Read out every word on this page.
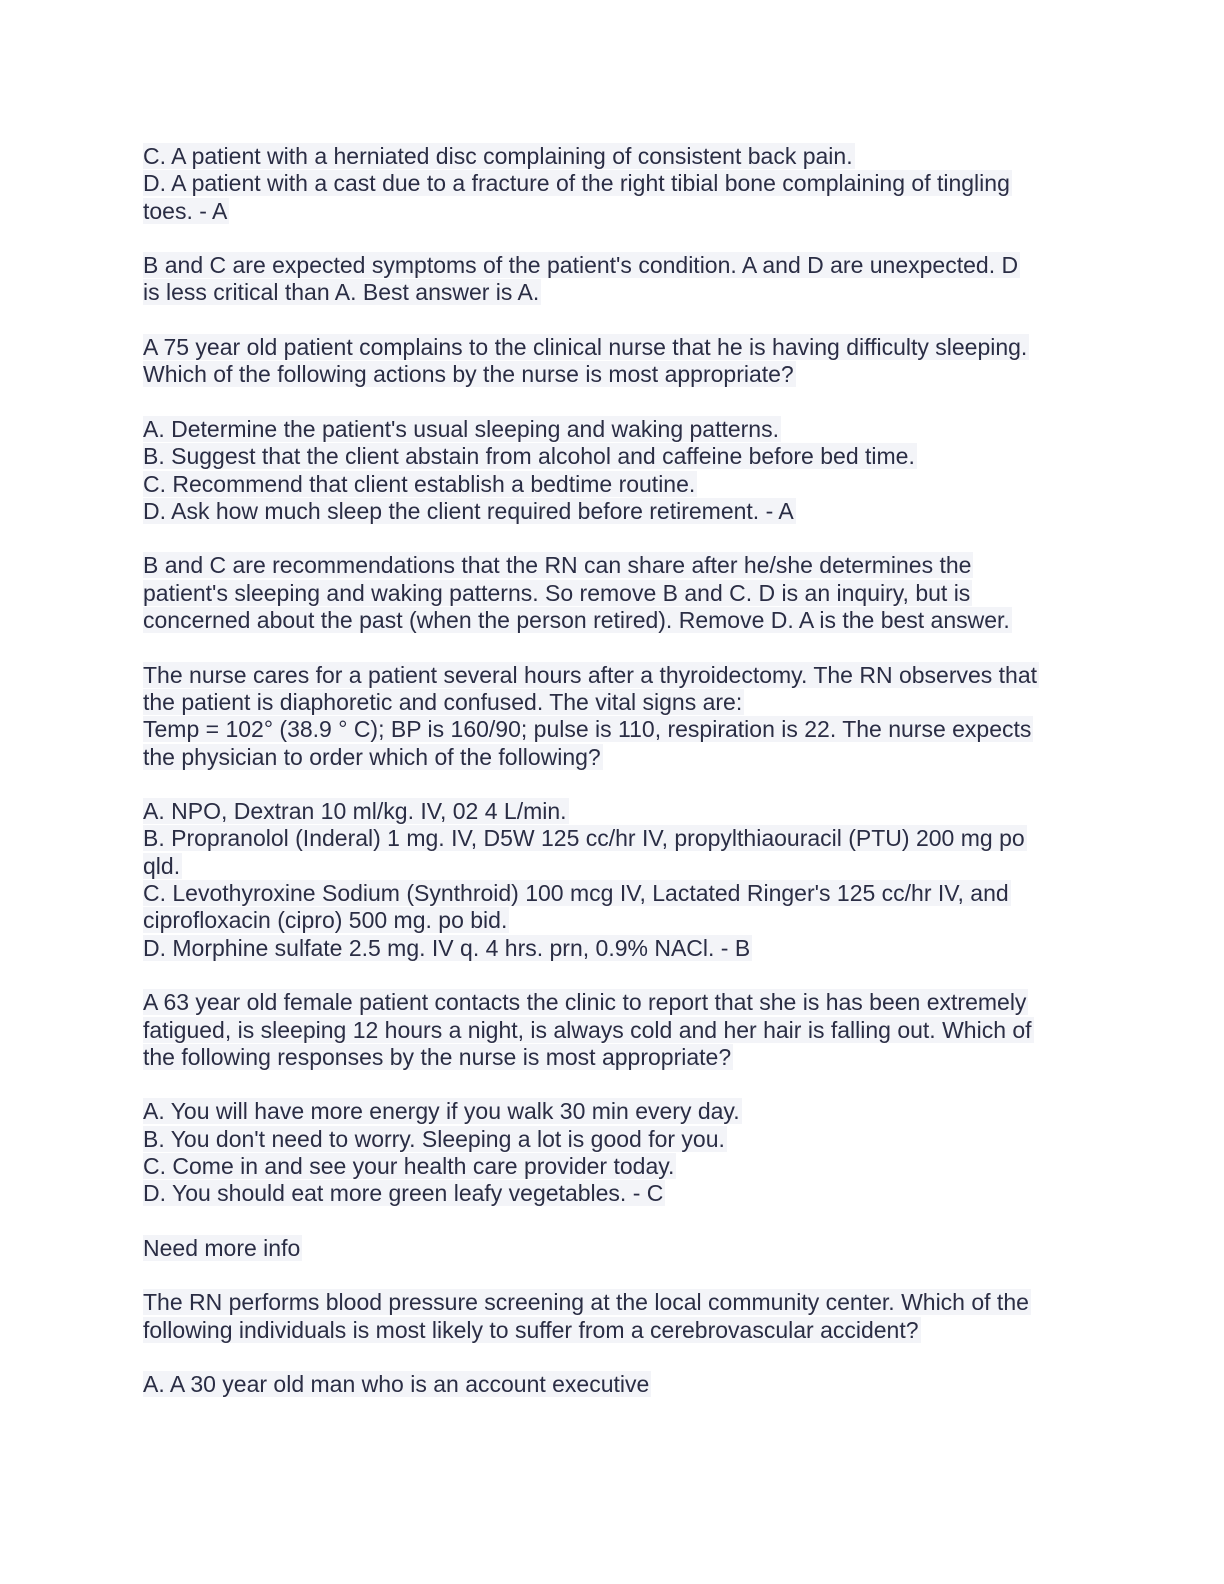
C. A patient with a herniated disc complaining of consistent back pain.
D. A patient with a cast due to a fracture of the right tibial bone complaining of tingling
toes. - A
B and C are expected symptoms of the patient's condition. A and D are unexpected. D
is less critical than A. Best answer is A.
A 75 year old patient complains to the clinical nurse that he is having difficulty sleeping.
Which of the following actions by the nurse is most appropriate?
A. Determine the patient's usual sleeping and waking patterns.
B. Suggest that the client abstain from alcohol and caffeine before bed time.
C. Recommend that client establish a bedtime routine.
D. Ask how much sleep the client required before retirement. - A
B and C are recommendations that the RN can share after he/she determines the
patient's sleeping and waking patterns. So remove B and C. D is an inquiry, but is
concerned about the past (when the person retired). Remove D. A is the best answer.
The nurse cares for a patient several hours after a thyroidectomy. The RN observes that
the patient is diaphoretic and confused. The vital signs are:
Temp = 102° (38.9 ° C); BP is 160/90; pulse is 110, respiration is 22. The nurse expects
the physician to order which of the following?
A. NPO, Dextran 10 ml/kg. IV, 02 4 L/min.
B. Propranolol (Inderal) 1 mg. IV, D5W 125 cc/hr IV, propylthiaouracil (PTU) 200 mg po
qld.
C. Levothyroxine Sodium (Synthroid) 100 mcg IV, Lactated Ringer's 125 cc/hr IV, and
ciprofloxacin (cipro) 500 mg. po bid.
D. Morphine sulfate 2.5 mg. IV q. 4 hrs. prn, 0.9% NACl. - B
A 63 year old female patient contacts the clinic to report that she is has been extremely
fatigued, is sleeping 12 hours a night, is always cold and her hair is falling out. Which of
the following responses by the nurse is most appropriate?
A. You will have more energy if you walk 30 min every day.
B. You don't need to worry. Sleeping a lot is good for you.
C. Come in and see your health care provider today.
D. You should eat more green leafy vegetables. - C
Need more info
The RN performs blood pressure screening at the local community center. Which of the
following individuals is most likely to suffer from a cerebrovascular accident?
A. A 30 year old man who is an account executive
